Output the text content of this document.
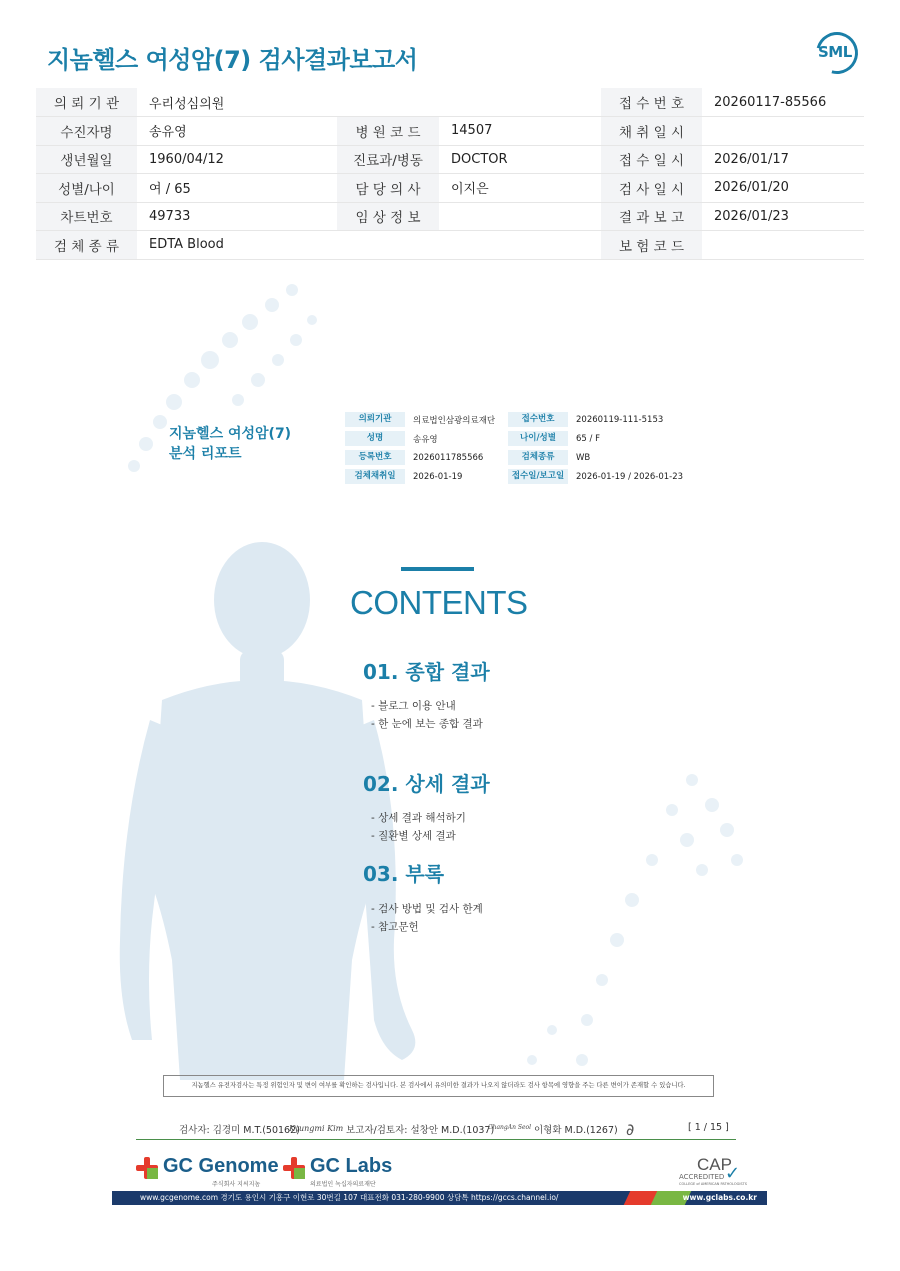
지놈헬스 여성암(7) 검사결과보고서	SML
의 뢰 기 관	우리성심의원			접 수 번 호	20260117-85566
수진자명	송유영	병 원 코 드	14507	채 취 일 시	
생년월일	1960/04/12	진료과/병동	DOCTOR	접 수 일 시	2026/01/17
성별/나이	여 / 65	담 당 의 사	이지은	검 사 일 시	2026/01/20
차트번호	49733	임 상 정 보		결 과 보 고	2026/01/23
검 체 종 류	EDTA Blood			보 험 코 드	
지놈헬스 여성암(7)
분석 리포트
의뢰기관	의료법인삼광의료재단	접수번호	20260119-111-5153
성명	송유영	나이/성별	65 / F
등록번호	2026011785566	검체종류	WB
검체채취일	2026-01-19	접수일/보고일	2026-01-19 / 2026-01-23
CONTENTS
01. 종합 결과
- 블로그 이용 안내
- 한 눈에 보는 종합 결과
02. 상세 결과
- 상세 결과 해석하기
- 질환별 상세 결과
03. 부록
- 검사 방법 및 검사 한계
- 참고문헌
지놈헬스 유전자검사는 특정 위험인자 및 변이 여부를 확인하는 검사입니다. 본 검사에서 유의미한 결과가 나오지 않더라도 검사 항목에 영향을 주는 다른 변이가 존재할 수 있습니다.
검사자: 김경미 M.T.(50162)
Kyungmi Kim 보고자/검토자: 설창안 M.D.(1037)
ChangAn Seol 이형화 M.D.(1267) ∂	[ 1 / 15 ]
GC Genome
주식회사 지씨지놈
GC Labs
의료법인 녹십자의료재단
CAP
✓
ACCREDITED
COLLEGE of AMERICAN PATHOLOGISTS
www.gcgenome.com 경기도 용인시 기흥구 이현로 30번길 107 대표전화 031-280-9900 상담톡 https://gccs.channel.io/	www.gclabs.co.kr
